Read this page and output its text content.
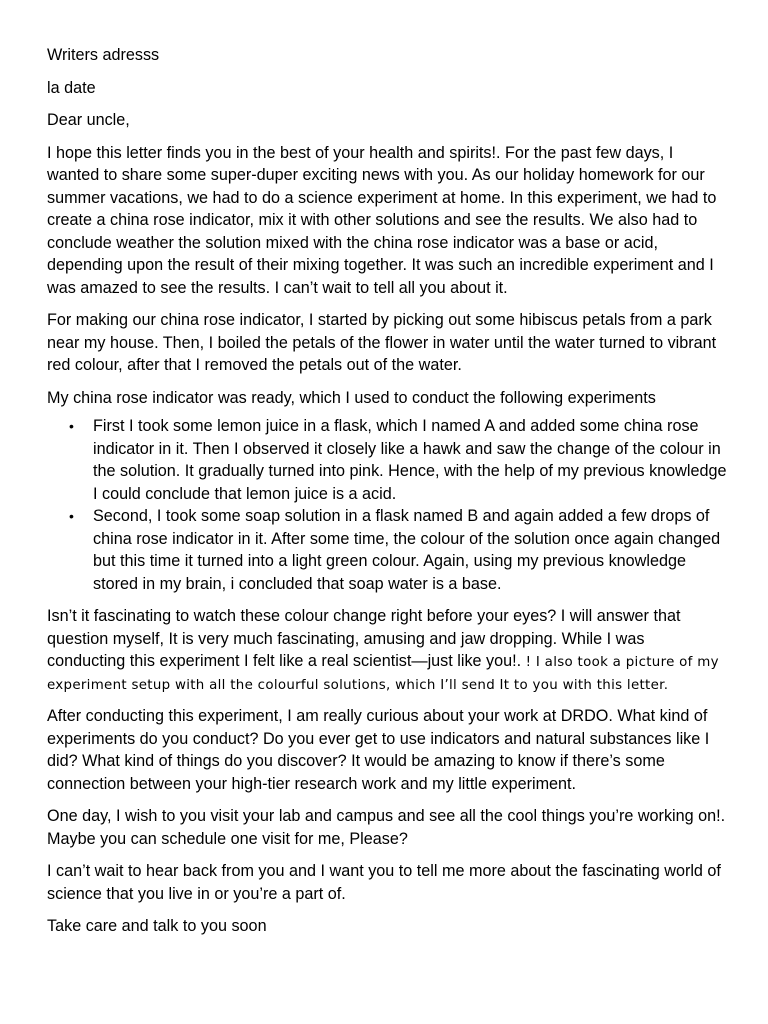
Writers adresss

la date

Dear uncle,

I hope this letter finds you in the best of your health and spirits!. For the past few days, I wanted to share some super-duper exciting news with you. As our holiday homework for our summer vacations, we had to do a science experiment at home. In this experiment, we had to create a china rose indicator, mix it with other solutions and see the results. We also had to conclude weather the solution mixed with the china rose indicator was a base or acid, depending upon the result of their mixing together. It was such an incredible experiment and I was amazed to see the results. I can’t wait to tell all you about it.

For making our china rose indicator, I started by picking out some hibiscus petals from a park near my house. Then, I boiled the petals of the flower in water until the water turned to vibrant red colour, after that I removed the petals out of the water.

My china rose indicator was ready, which I used to conduct the following experiments

• First I took some lemon juice in a flask, which I named A and added some china rose indicator in it. Then I observed it closely like a hawk and saw the change of the colour in the solution. It gradually turned into pink. Hence, with the help of my previous knowledge I could conclude that lemon juice is a acid.
• Second, I took some soap solution in a flask named B and again added a few drops of china rose indicator in it. After some time, the colour of the solution once again changed but this time it turned into a light green colour. Again, using my previous knowledge stored in my brain, i concluded that soap water is a base.

Isn’t it fascinating to watch these colour change right before your eyes? I will answer that question myself, It is very much fascinating, amusing and jaw dropping. While I was conducting this experiment I felt like a real scientist—just like you!. ! I also took a picture of my experiment setup with all the colourful solutions, which I’ll send It to you with this letter.

After conducting this experiment, I am really curious about your work at DRDO. What kind of experiments do you conduct? Do you ever get to use indicators and natural substances like I did? What kind of things do you discover? It would be amazing to know if there’s some connection between your high-tier research work and my little experiment.

One day, I wish to you visit your lab and campus and see all the cool things you’re working on!. Maybe you can schedule one visit for me, Please?

I can’t wait to hear back from you and I want you to tell me more about the fascinating world of science that you live in or you’re a part of.

Take care and talk to you soon
